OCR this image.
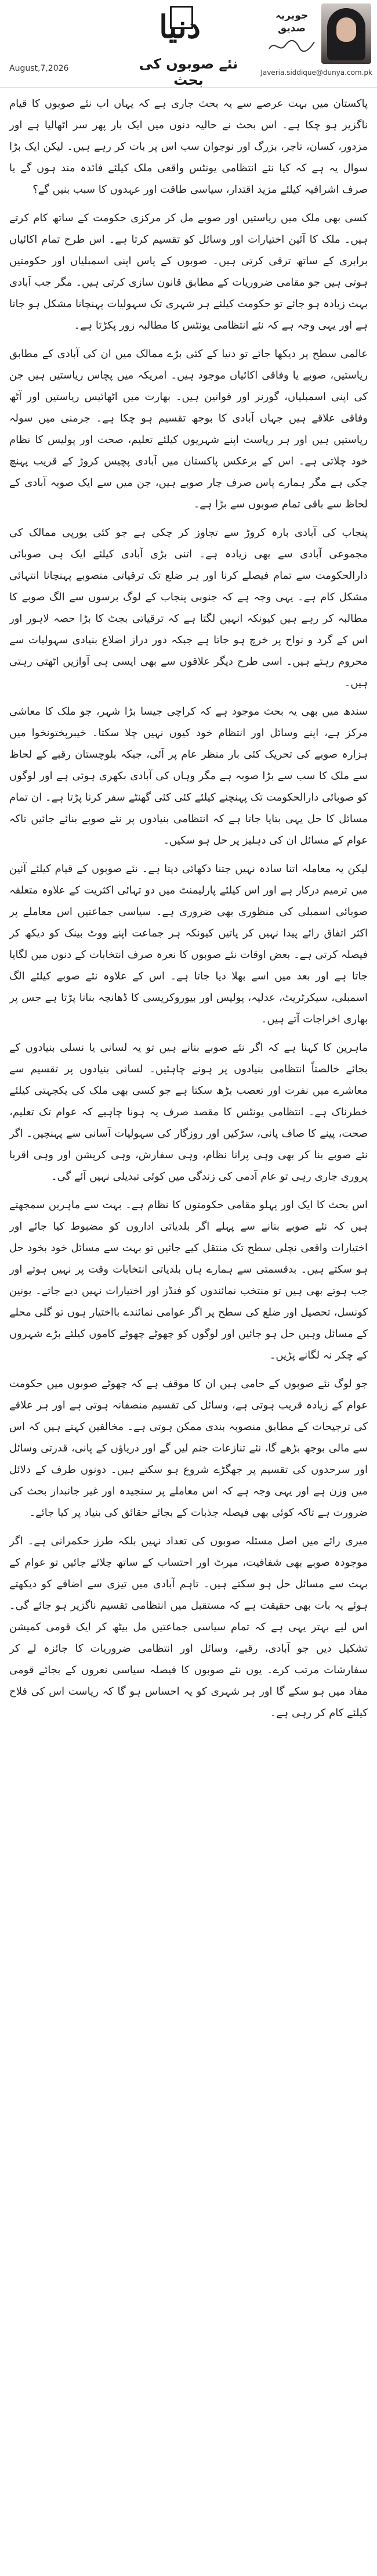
دنیا
نئے صوبوں کی بحث
August,7,2026
جویریہ صدیق
Javeria.siddique@dunya.com.pk

پاکستان میں بہت عرصے سے یہ بحث جاری ہے کہ یہاں اب نئے صوبوں کا قیام ناگزیر ہو چکا ہے۔ اس بحث نے حالیہ دنوں میں ایک بار پھر سر اٹھالیا ہے اور مزدور، کسان، تاجر، بزرگ اور نوجوان سب اس پر بات کر رہے ہیں۔ لیکن ایک بڑا سوال یہ ہے کہ کیا نئے انتظامی یونٹس واقعی ملک کیلئے فائدہ مند ہوں گے یا صرف اشرافیہ کیلئے مزید اقتدار، سیاسی طاقت اور عہدوں کا سبب بنیں گے؟

کسی بھی ملک میں ریاستیں اور صوبے مل کر مرکزی حکومت کے ساتھ کام کرتے ہیں۔ ملک کا آئین اختیارات اور وسائل کو تقسیم کرتا ہے۔ اس طرح تمام اکائیاں برابری کے ساتھ ترقی کرتی ہیں۔ صوبوں کے پاس اپنی اسمبلیاں اور حکومتیں ہوتی ہیں جو مقامی ضروریات کے مطابق قانون سازی کرتی ہیں۔ مگر جب آبادی بہت زیادہ ہو جائے تو حکومت کیلئے ہر شہری تک سہولیات پہنچانا مشکل ہو جاتا ہے اور یہی وجہ ہے کہ نئے انتظامی یونٹس کا مطالبہ زور پکڑتا ہے۔

عالمی سطح پر دیکھا جائے تو دنیا کے کئی بڑے ممالک میں ان کی آبادی کے مطابق ریاستیں، صوبے یا وفاقی اکائیاں موجود ہیں۔ امریکہ میں پچاس ریاستیں ہیں جن کی اپنی اسمبلیاں، گورنر اور قوانین ہیں۔ بھارت میں اٹھائیس ریاستیں اور آٹھ وفاقی علاقے ہیں جہاں آبادی کا بوجھ تقسیم ہو چکا ہے۔ جرمنی میں سولہ ریاستیں ہیں اور ہر ریاست اپنے شہریوں کیلئے تعلیم، صحت اور پولیس کا نظام خود چلاتی ہے۔ اس کے برعکس پاکستان میں آبادی پچیس کروڑ کے قریب پہنچ چکی ہے مگر ہمارے پاس صرف چار صوبے ہیں، جن میں سے ایک صوبہ آبادی کے لحاظ سے باقی تمام صوبوں سے بڑا ہے۔

پنجاب کی آبادی بارہ کروڑ سے تجاوز کر چکی ہے جو کئی یورپی ممالک کی مجموعی آبادی سے بھی زیادہ ہے۔ اتنی بڑی آبادی کیلئے ایک ہی صوبائی دارالحکومت سے تمام فیصلے کرنا اور ہر ضلع تک ترقیاتی منصوبے پہنچانا انتہائی مشکل کام ہے۔ یہی وجہ ہے کہ جنوبی پنجاب کے لوگ برسوں سے الگ صوبے کا مطالبہ کر رہے ہیں کیونکہ انہیں لگتا ہے کہ ترقیاتی بجٹ کا بڑا حصہ لاہور اور اس کے گرد و نواح پر خرچ ہو جاتا ہے جبکہ دور دراز اضلاع بنیادی سہولیات سے محروم رہتے ہیں۔ اسی طرح دیگر علاقوں سے بھی ایسی ہی آوازیں اٹھتی رہتی ہیں۔

سندھ میں بھی یہ بحث موجود ہے کہ کراچی جیسا بڑا شہر، جو ملک کا معاشی مرکز ہے، اپنے وسائل اور انتظام خود کیوں نہیں چلا سکتا۔ خیبرپختونخوا میں ہزارہ صوبے کی تحریک کئی بار منظر عام پر آئی، جبکہ بلوچستان رقبے کے لحاظ سے ملک کا سب سے بڑا صوبہ ہے مگر وہاں کی آبادی بکھری ہوئی ہے اور لوگوں کو صوبائی دارالحکومت تک پہنچنے کیلئے کئی کئی گھنٹے سفر کرنا پڑتا ہے۔ ان تمام مسائل کا حل یہی بتایا جاتا ہے کہ انتظامی بنیادوں پر نئے صوبے بنائے جائیں تاکہ عوام کے مسائل ان کی دہلیز پر حل ہو سکیں۔

لیکن یہ معاملہ اتنا سادہ نہیں جتنا دکھائی دیتا ہے۔ نئے صوبوں کے قیام کیلئے آئین میں ترمیم درکار ہے اور اس کیلئے پارلیمنٹ میں دو تہائی اکثریت کے علاوہ متعلقہ صوبائی اسمبلی کی منظوری بھی ضروری ہے۔ سیاسی جماعتیں اس معاملے پر اکثر اتفاق رائے پیدا نہیں کر پاتیں کیونکہ ہر جماعت اپنے ووٹ بینک کو دیکھ کر فیصلہ کرتی ہے۔ بعض اوقات نئے صوبوں کا نعرہ صرف انتخابات کے دنوں میں لگایا جاتا ہے اور بعد میں اسے بھلا دیا جاتا ہے۔ اس کے علاوہ نئے صوبے کیلئے الگ اسمبلی، سیکرٹریٹ، عدلیہ، پولیس اور بیوروکریسی کا ڈھانچہ بنانا پڑتا ہے جس پر بھاری اخراجات آتے ہیں۔

ماہرین کا کہنا ہے کہ اگر نئے صوبے بنانے ہیں تو یہ لسانی یا نسلی بنیادوں کے بجائے خالصتاً انتظامی بنیادوں پر ہونے چاہئیں۔ لسانی بنیادوں پر تقسیم سے معاشرے میں نفرت اور تعصب بڑھ سکتا ہے جو کسی بھی ملک کی یکجہتی کیلئے خطرناک ہے۔ انتظامی یونٹس کا مقصد صرف یہ ہونا چاہیے کہ عوام تک تعلیم، صحت، پینے کا صاف پانی، سڑکیں اور روزگار کی سہولیات آسانی سے پہنچیں۔ اگر نئے صوبے بنا کر بھی وہی پرانا نظام، وہی سفارش، وہی کرپشن اور وہی اقربا پروری جاری رہی تو عام آدمی کی زندگی میں کوئی تبدیلی نہیں آئے گی۔

اس بحث کا ایک اور پہلو مقامی حکومتوں کا نظام ہے۔ بہت سے ماہرین سمجھتے ہیں کہ نئے صوبے بنانے سے پہلے اگر بلدیاتی اداروں کو مضبوط کیا جائے اور اختیارات واقعی نچلی سطح تک منتقل کیے جائیں تو بہت سے مسائل خود بخود حل ہو سکتے ہیں۔ بدقسمتی سے ہمارے ہاں بلدیاتی انتخابات وقت پر نہیں ہوتے اور جب ہوتے بھی ہیں تو منتخب نمائندوں کو فنڈز اور اختیارات نہیں دیے جاتے۔ یونین کونسل، تحصیل اور ضلع کی سطح پر اگر عوامی نمائندے بااختیار ہوں تو گلی محلے کے مسائل وہیں حل ہو جائیں اور لوگوں کو چھوٹے چھوٹے کاموں کیلئے بڑے شہروں کے چکر نہ لگانے پڑیں۔

جو لوگ نئے صوبوں کے حامی ہیں ان کا موقف ہے کہ چھوٹے صوبوں میں حکومت عوام کے زیادہ قریب ہوتی ہے، وسائل کی تقسیم منصفانہ ہوتی ہے اور ہر علاقے کی ترجیحات کے مطابق منصوبہ بندی ممکن ہوتی ہے۔ مخالفین کہتے ہیں کہ اس سے مالی بوجھ بڑھے گا، نئے تنازعات جنم لیں گے اور دریاؤں کے پانی، قدرتی وسائل اور سرحدوں کی تقسیم پر جھگڑے شروع ہو سکتے ہیں۔ دونوں طرف کے دلائل میں وزن ہے اور یہی وجہ ہے کہ اس معاملے پر سنجیدہ اور غیر جانبدار بحث کی ضرورت ہے تاکہ کوئی بھی فیصلہ جذبات کے بجائے حقائق کی بنیاد پر کیا جائے۔

میری رائے میں اصل مسئلہ صوبوں کی تعداد نہیں بلکہ طرز حکمرانی ہے۔ اگر موجودہ صوبے بھی شفافیت، میرٹ اور احتساب کے ساتھ چلائے جائیں تو عوام کے بہت سے مسائل حل ہو سکتے ہیں۔ تاہم آبادی میں تیزی سے اضافے کو دیکھتے ہوئے یہ بات بھی حقیقت ہے کہ مستقبل میں انتظامی تقسیم ناگزیر ہو جائے گی۔ اس لیے بہتر یہی ہے کہ تمام سیاسی جماعتیں مل بیٹھ کر ایک قومی کمیشن تشکیل دیں جو آبادی، رقبے، وسائل اور انتظامی ضروریات کا جائزہ لے کر سفارشات مرتب کرے۔ یوں نئے صوبوں کا فیصلہ سیاسی نعروں کے بجائے قومی مفاد میں ہو سکے گا اور ہر شہری کو یہ احساس ہو گا کہ ریاست اس کی فلاح کیلئے کام کر رہی ہے۔
